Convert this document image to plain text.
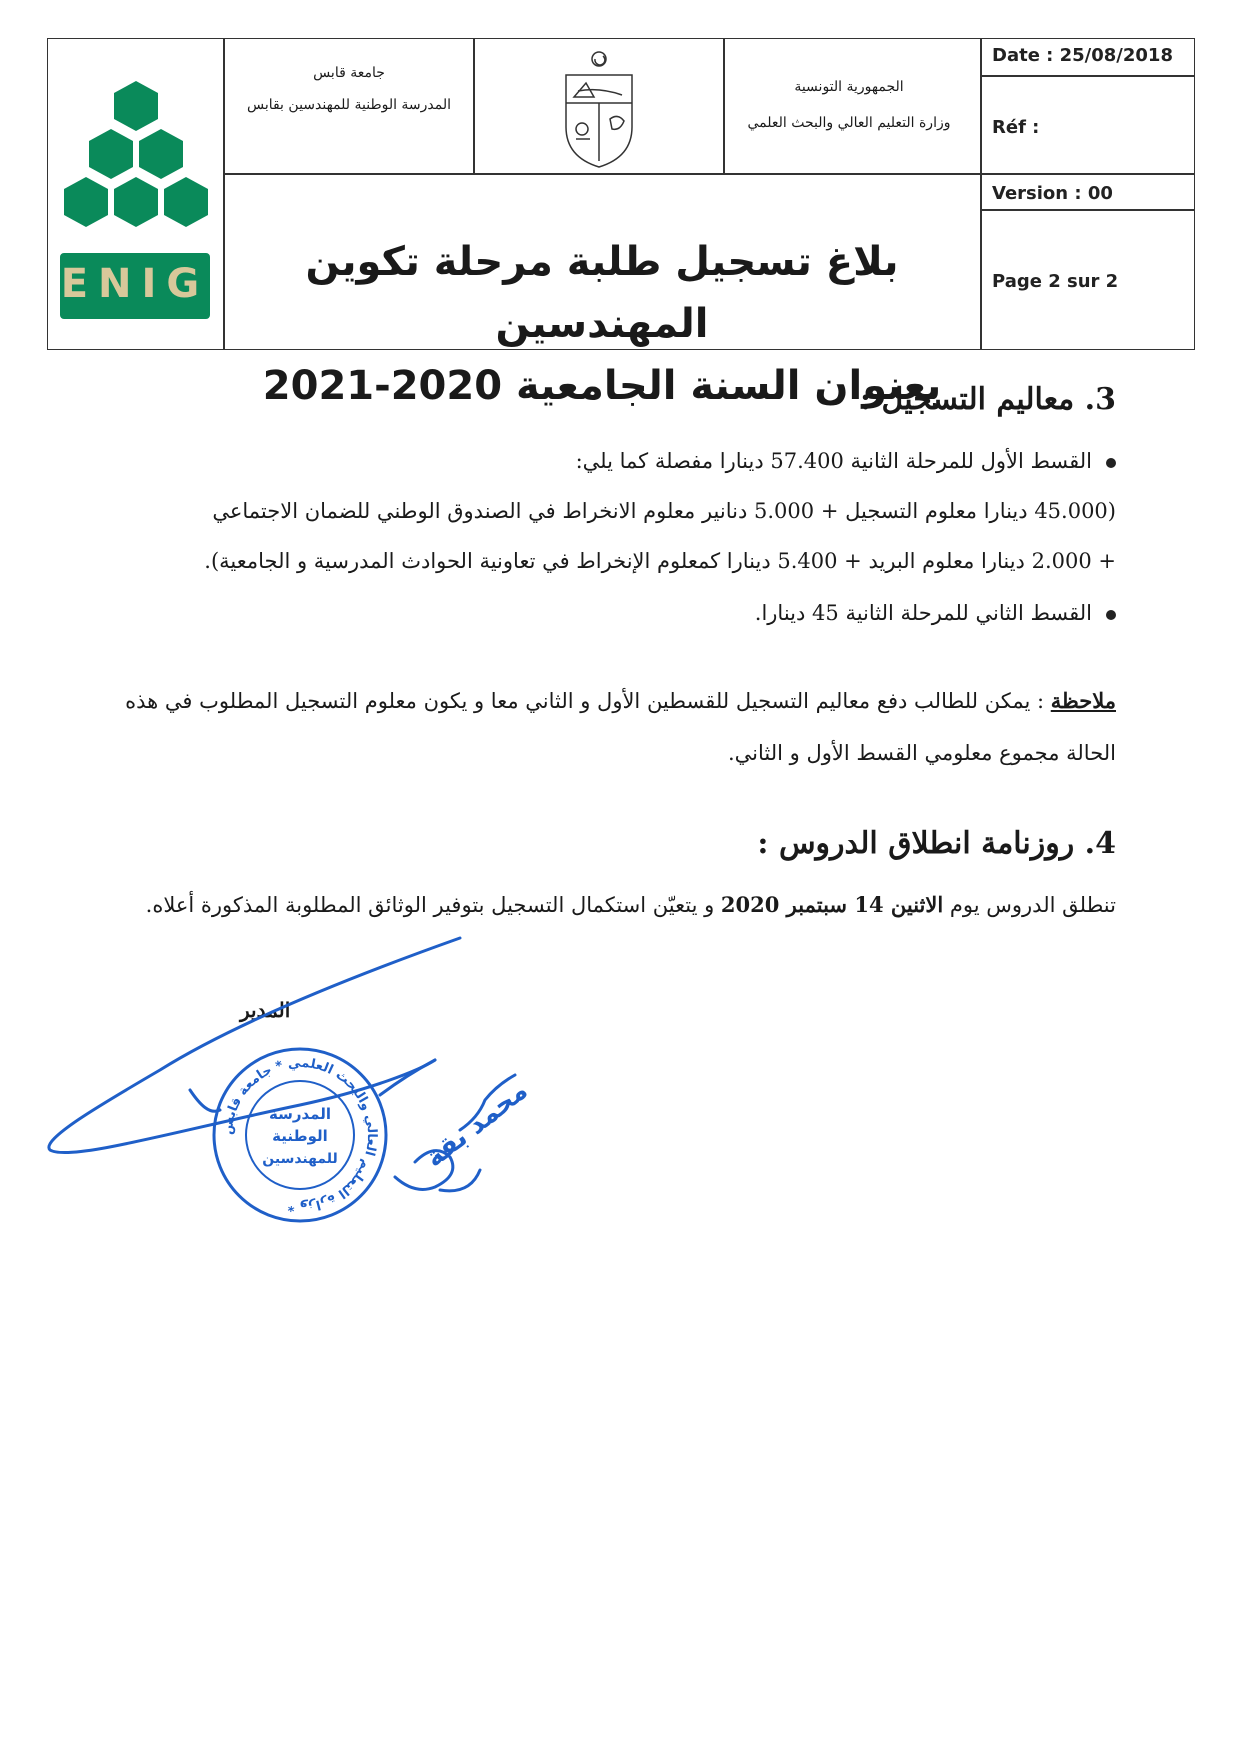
ENIG
جامعة قابس
المدرسة الوطنية للمهندسين بقابس
الجمهورية التونسية
وزارة التعليم العالي والبحث العلمي
Date : 25/08/2018
Réf :
Version : 00
Page 2 sur 2
بلاغ تسجيل طلبة مرحلة تكوين المهندسين
بعنوان السنة الجامعية 2020-2021
3. معاليم التسجيل :
القسط الأول للمرحلة الثانية 57.400 دينارا مفصلة كما يلي:
(45.000 دينارا معلوم التسجيل + 5.000 دنانير معلوم الانخراط في الصندوق الوطني للضمان الاجتماعي
+ 2.000 دينارا معلوم البريد + 5.400 دينارا كمعلوم الإنخراط في تعاونية الحوادث المدرسية و الجامعية).
القسط الثاني للمرحلة الثانية 45 دينارا.
ملاحظة : يمكن للطالب دفع معاليم التسجيل للقسطين الأول و الثاني معا و يكون معلوم التسجيل المطلوب في هذه
الحالة مجموع معلومي القسط الأول و الثاني.
4. روزنامة انطلاق الدروس :
تنطلق الدروس يوم الاثنين 14 سبتمبر 2020 و يتعيّن استكمال التسجيل بتوفير الوثائق المطلوبة المذكورة أعلاه.
المدير
وزارة التعليم العالي والبحث العلمي * جامعة قابس *
المدرسة
الوطنية
للمهندسين	محمد بقة
